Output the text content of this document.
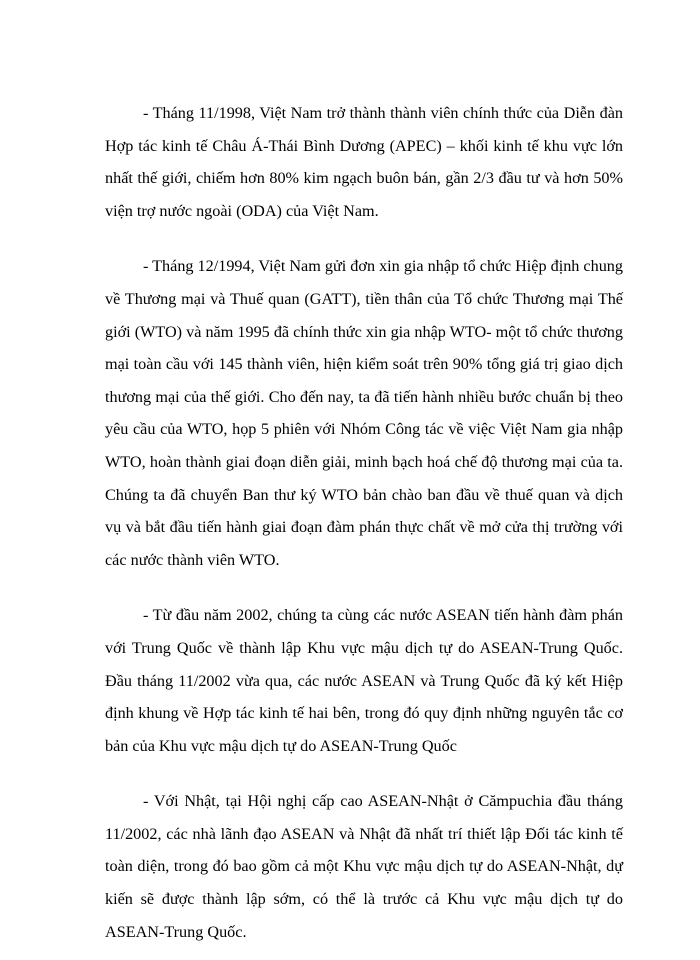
- Tháng 11/1998, Việt Nam trở thành thành viên chính thức của Diễn đàn Hợp tác kinh tế Châu Á-Thái Bình Dương (APEC) – khối kinh tế khu vực lớn nhất thế giới, chiếm hơn 80% kim ngạch buôn bán, gần 2/3 đầu tư và hơn 50% viện trợ nước ngoài (ODA) của Việt Nam.

- Tháng 12/1994, Việt Nam gửi đơn xin gia nhập tổ chức Hiệp định chung về Thương mại và Thuế quan (GATT), tiền thân của Tổ chức Thương mại Thế giới (WTO) và năm 1995 đã chính thức xin gia nhập WTO- một tổ chức thương mại toàn cầu với 145 thành viên, hiện kiểm soát trên 90% tổng giá trị giao dịch thương mại của thế giới. Cho đến nay, ta đã tiến hành nhiều bước chuẩn bị theo yêu cầu của WTO, họp 5 phiên với Nhóm Công tác về việc Việt Nam gia nhập WTO, hoàn thành giai đoạn diễn giải, minh bạch hoá chế độ thương mại của ta. Chúng ta đã chuyển Ban thư ký WTO bản chào ban đầu về thuế quan và dịch vụ và bắt đầu tiến hành giai đoạn đàm phán thực chất về mở cửa thị trường với các nước thành viên WTO.

- Từ đầu năm 2002, chúng ta cùng các nước ASEAN tiến hành đàm phán với Trung Quốc về thành lập Khu vực mậu dịch tự do ASEAN-Trung Quốc. Đầu tháng 11/2002 vừa qua, các nước ASEAN và Trung Quốc đã ký kết Hiệp định khung về Hợp tác kinh tế hai bên, trong đó quy định những nguyên tắc cơ bản của Khu vực mậu dịch tự do ASEAN-Trung Quốc

- Với Nhật, tại Hội nghị cấp cao ASEAN-Nhật ở Cămpuchia đầu tháng 11/2002, các nhà lãnh đạo ASEAN và Nhật đã nhất trí thiết lập Đối tác kinh tế toàn diện, trong đó bao gồm cả một Khu vực mậu dịch tự do ASEAN-Nhật, dự kiến sẽ được thành lập sớm, có thể là trước cả Khu vực mậu dịch tự do ASEAN-Trung Quốc.
